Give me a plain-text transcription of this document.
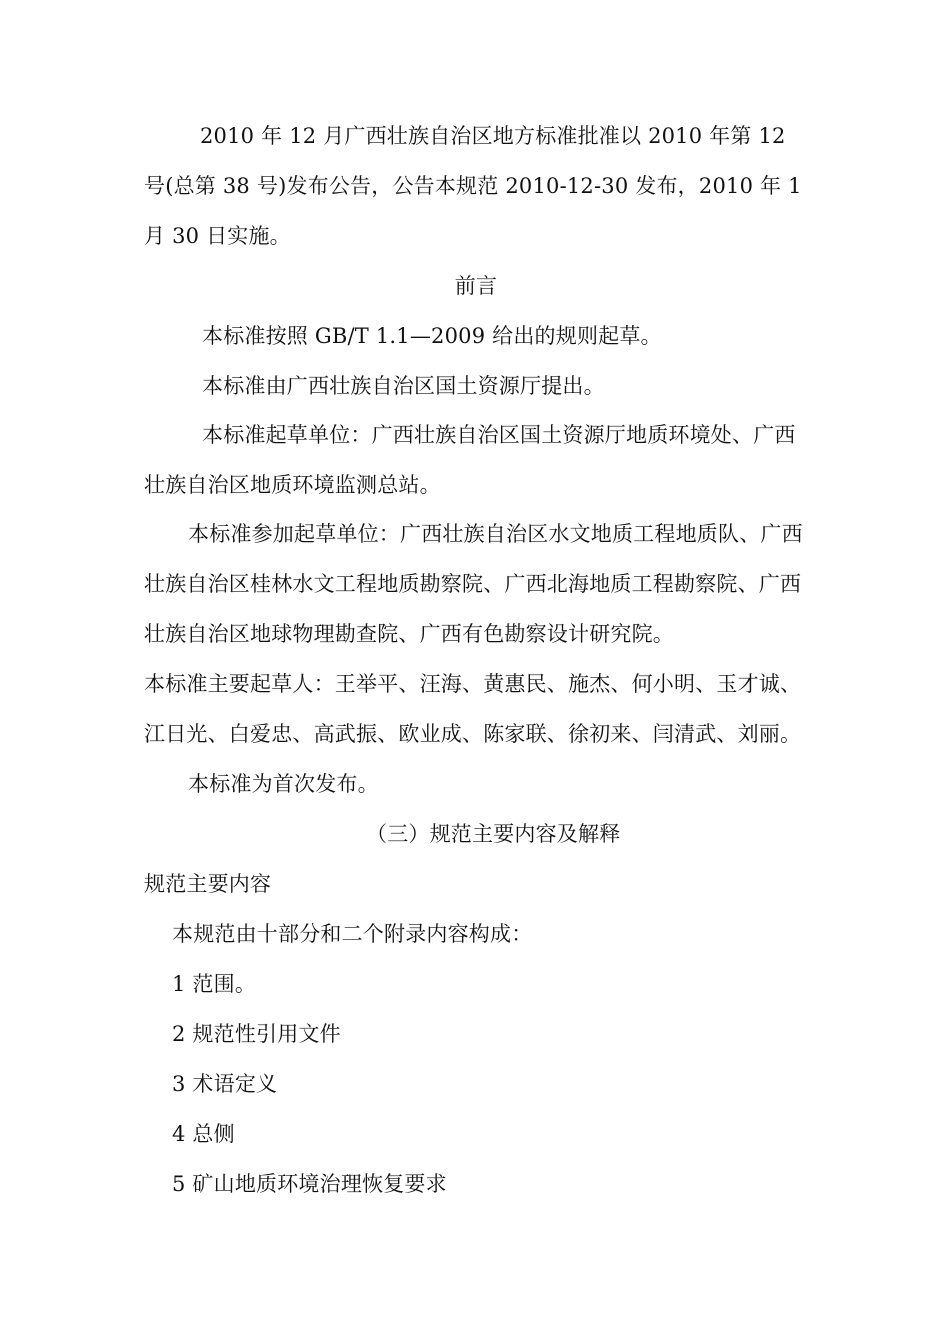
2010 年 12 月广西壮族自治区地方标准批准以 2010 年第 12 号(总第 38 号)发布公告，公告本规范 2010-12-30 发布，2010 年 1 月 30 日实施。
前言
本标准按照 GB/T 1.1—2009 给出的规则起草。
本标准由广西壮族自治区国土资源厅提出。
本标准起草单位：广西壮族自治区国土资源厅地质环境处、广西壮族自治区地质环境监测总站。
本标准参加起草单位：广西壮族自治区水文地质工程地质队、广西壮族自治区桂林水文工程地质勘察院、广西北海地质工程勘察院、广西壮族自治区地球物理勘查院、广西有色勘察设计研究院。
本标准主要起草人：王举平、汪海、黄惠民、施杰、何小明、玉才诚、江日光、白爱忠、高武振、欧业成、陈家联、徐初来、闫清武、刘丽。
本标准为首次发布。
（三）规范主要内容及解释
规范主要内容
本规范由十部分和二个附录内容构成：
1 范围。
2 规范性引用文件
3 术语定义
4 总侧
5 矿山地质环境治理恢复要求
